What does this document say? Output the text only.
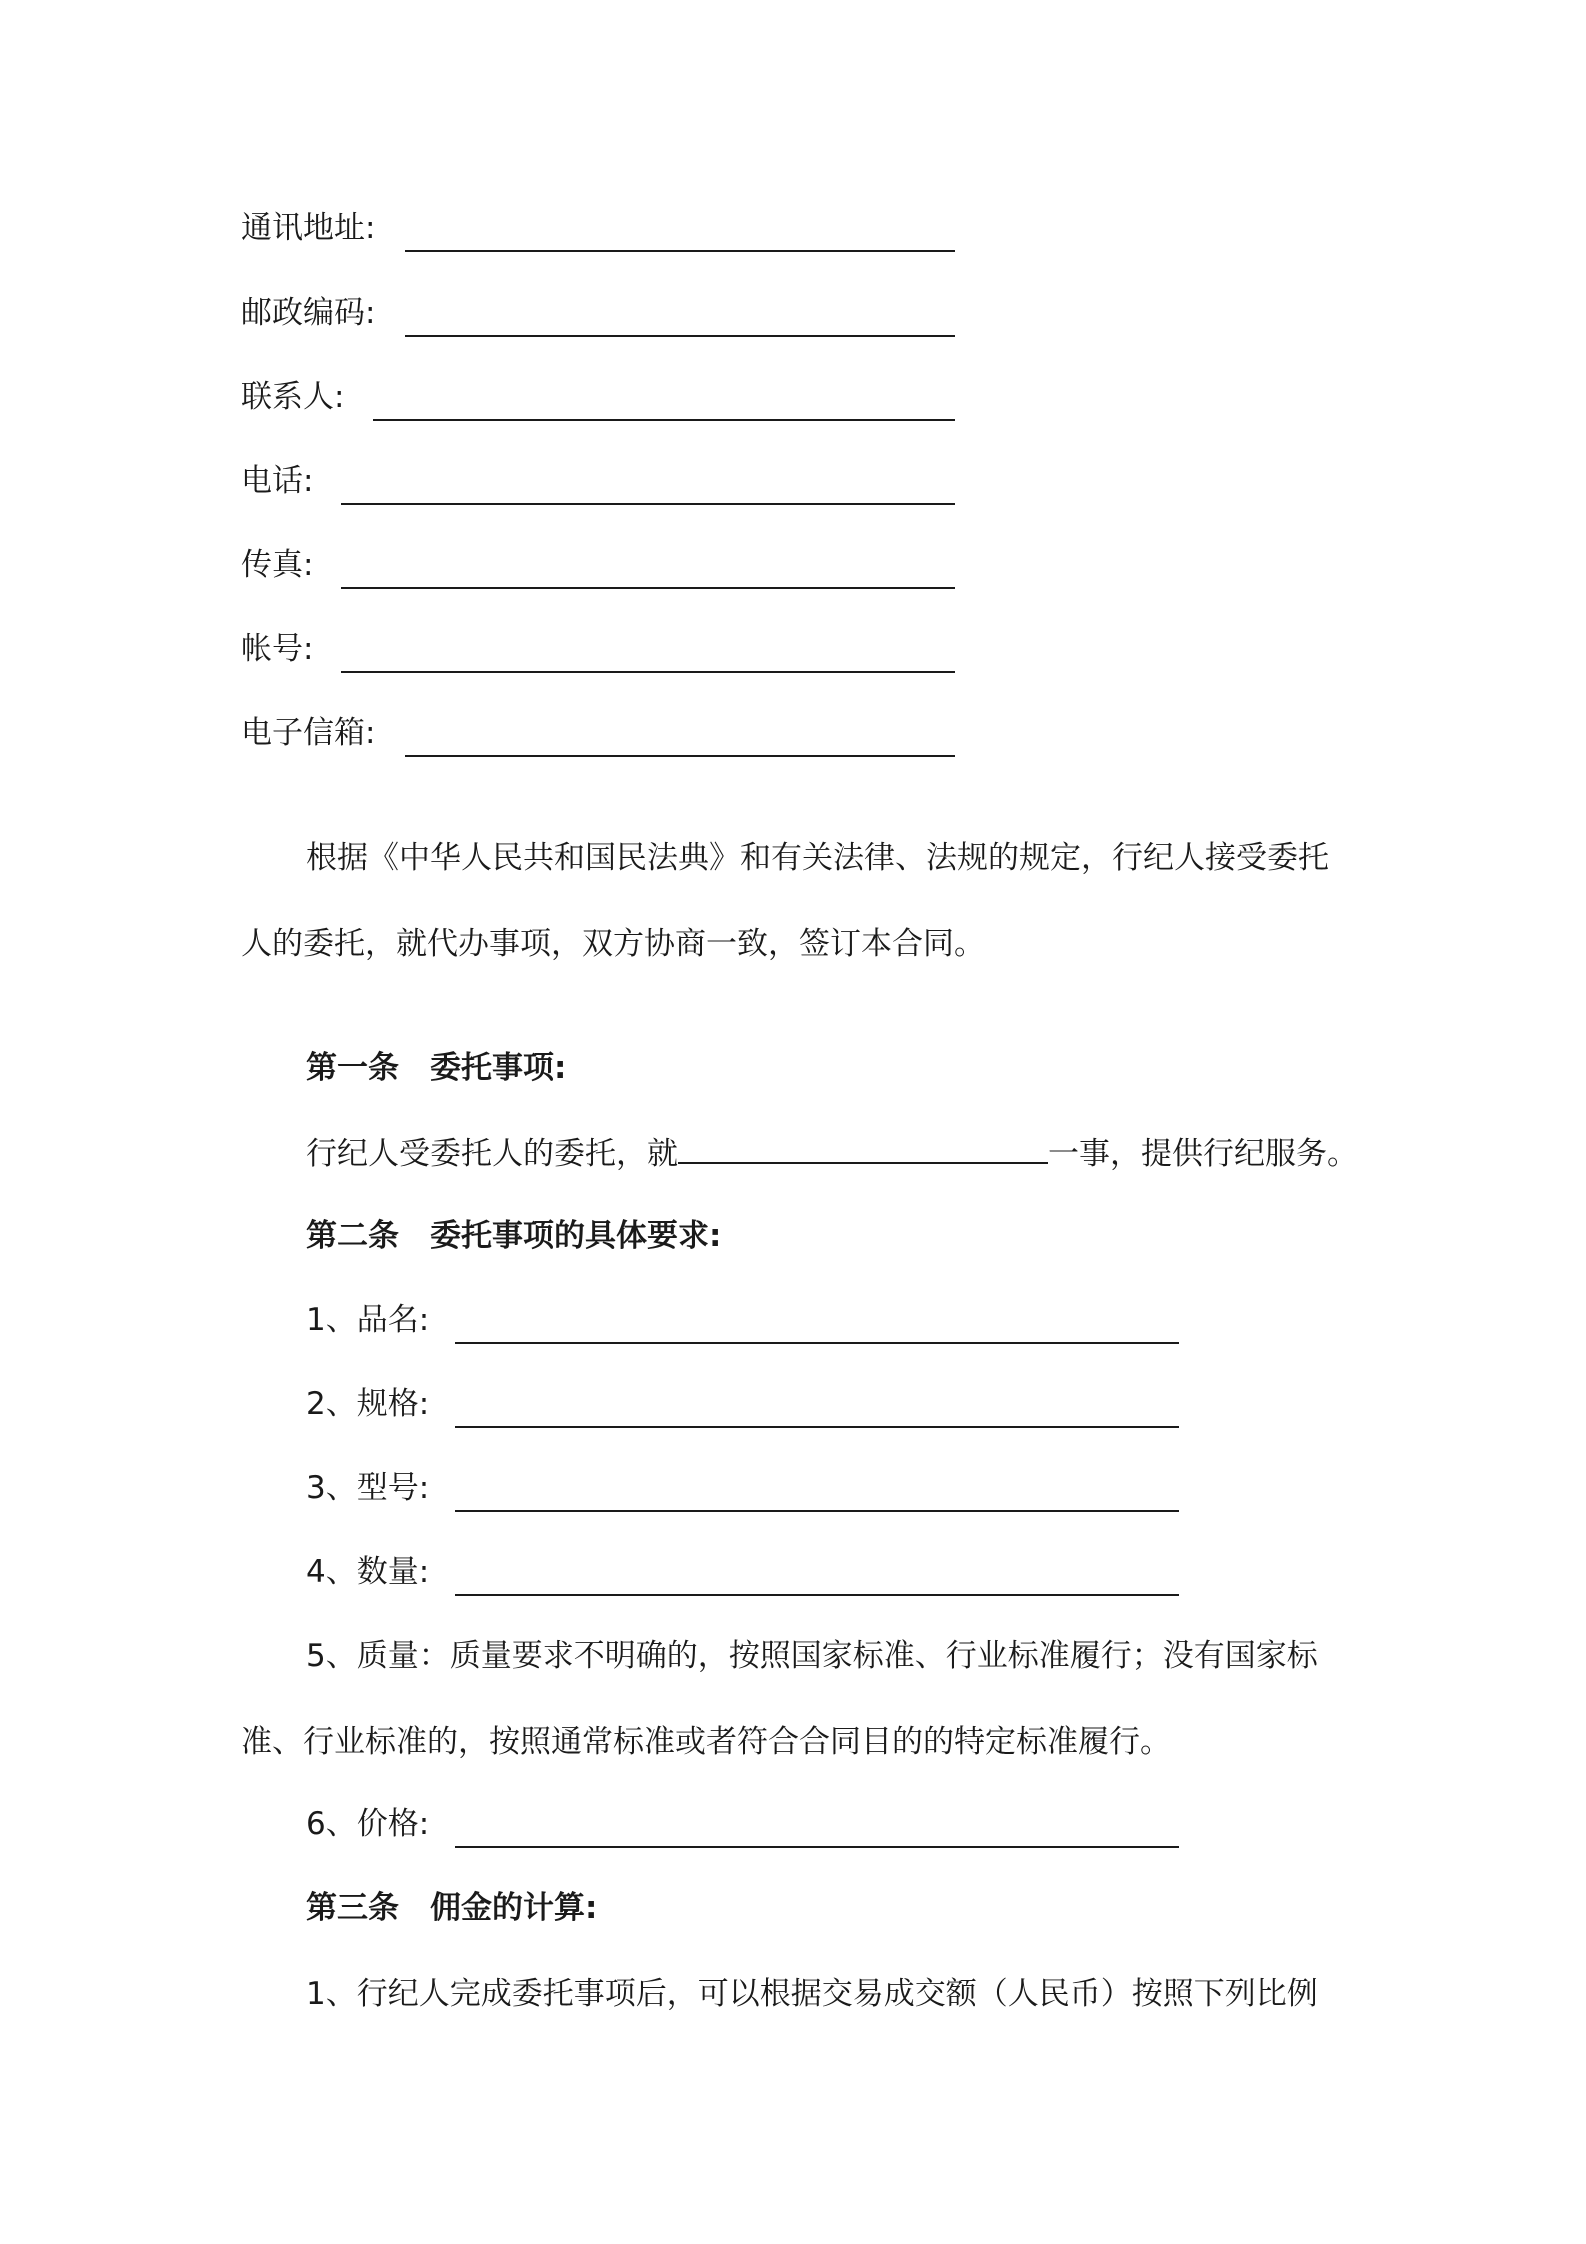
通讯地址:
邮政编码:
联系人:
电话:
传真:
帐号:
电子信箱:
根据《中华人民共和国民法典》和有关法律、法规的规定，行纪人接受委托
人的委托，就代办事项，双方协商一致，签订本合同。
第一条　委托事项:
行纪人受委托人的委托，就	一事，提供行纪服务。
第二条　委托事项的具体要求:
1、品名:
2、规格:
3、型号:
4、数量:
5、质量：质量要求不明确的，按照国家标准、行业标准履行；没有国家标
准、行业标准的，按照通常标准或者符合合同目的的特定标准履行。
6、价格:
第三条　佣金的计算:
1、行纪人完成委托事项后，可以根据交易成交额（人民币）按照下列比例
